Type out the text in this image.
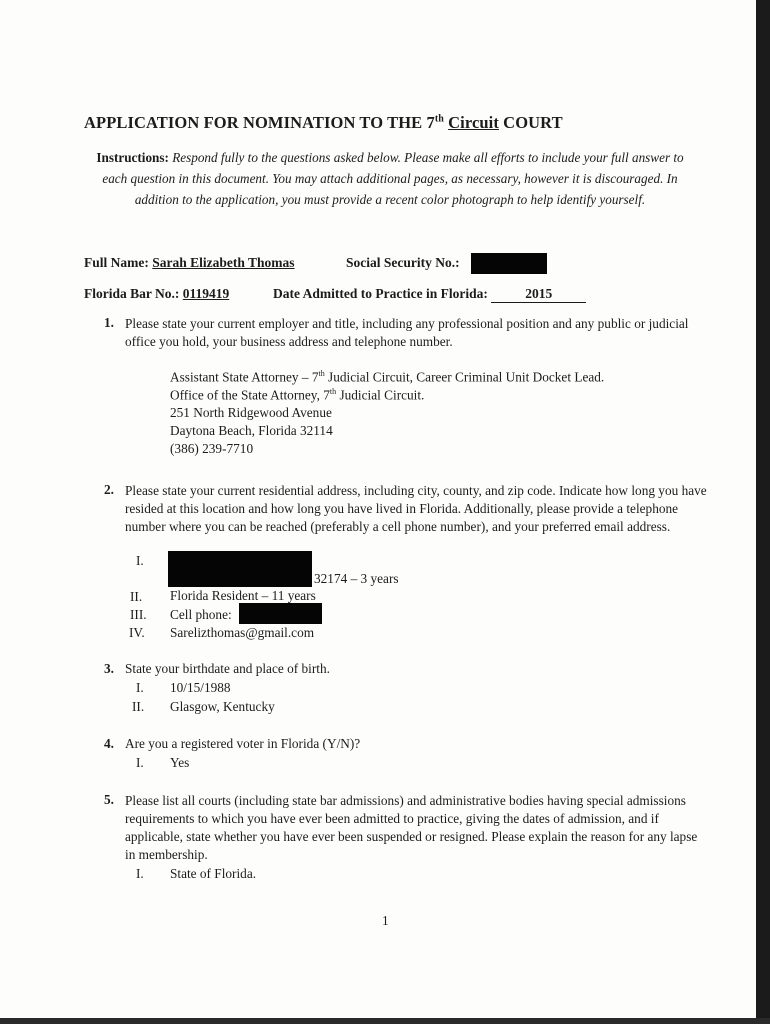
APPLICATION FOR NOMINATION TO THE 7th Circuit COURT
Instructions: Respond fully to the questions asked below. Please make all efforts to include your full answer to each question in this document. You may attach additional pages, as necessary, however it is discouraged. In addition to the application, you must provide a recent color photograph to help identify yourself.
Full Name: Sarah Elizabeth Thomas	Social Security No.:
Florida Bar No.: 0119419	Date Admitted to Practice in Florida:	2015
1. Please state your current employer and title, including any professional position and any public or judicial office you hold, your business address and telephone number.
Assistant State Attorney – 7th Judicial Circuit, Career Criminal Unit Docket Lead.
Office of the State Attorney, 7th Judicial Circuit.
251 North Ridgewood Avenue
Daytona Beach, Florida 32114
(386) 239-7710
2. Please state your current residential address, including city, county, and zip code. Indicate how long you have resided at this location and how long you have lived in Florida. Additionally, please provide a telephone number where you can be reached (preferably a cell phone number), and your preferred email address.
I.
32174 – 3 years
II. Florida Resident – 11 years
III. Cell phone:
IV. Sarelizthomas@gmail.com
3. State your birthdate and place of birth.
I. 10/15/1988
II. Glasgow, Kentucky
4. Are you a registered voter in Florida (Y/N)?
I. Yes
5. Please list all courts (including state bar admissions) and administrative bodies having special admissions requirements to which you have ever been admitted to practice, giving the dates of admission, and if applicable, state whether you have ever been suspended or resigned. Please explain the reason for any lapse in membership.
I. State of Florida.
1
